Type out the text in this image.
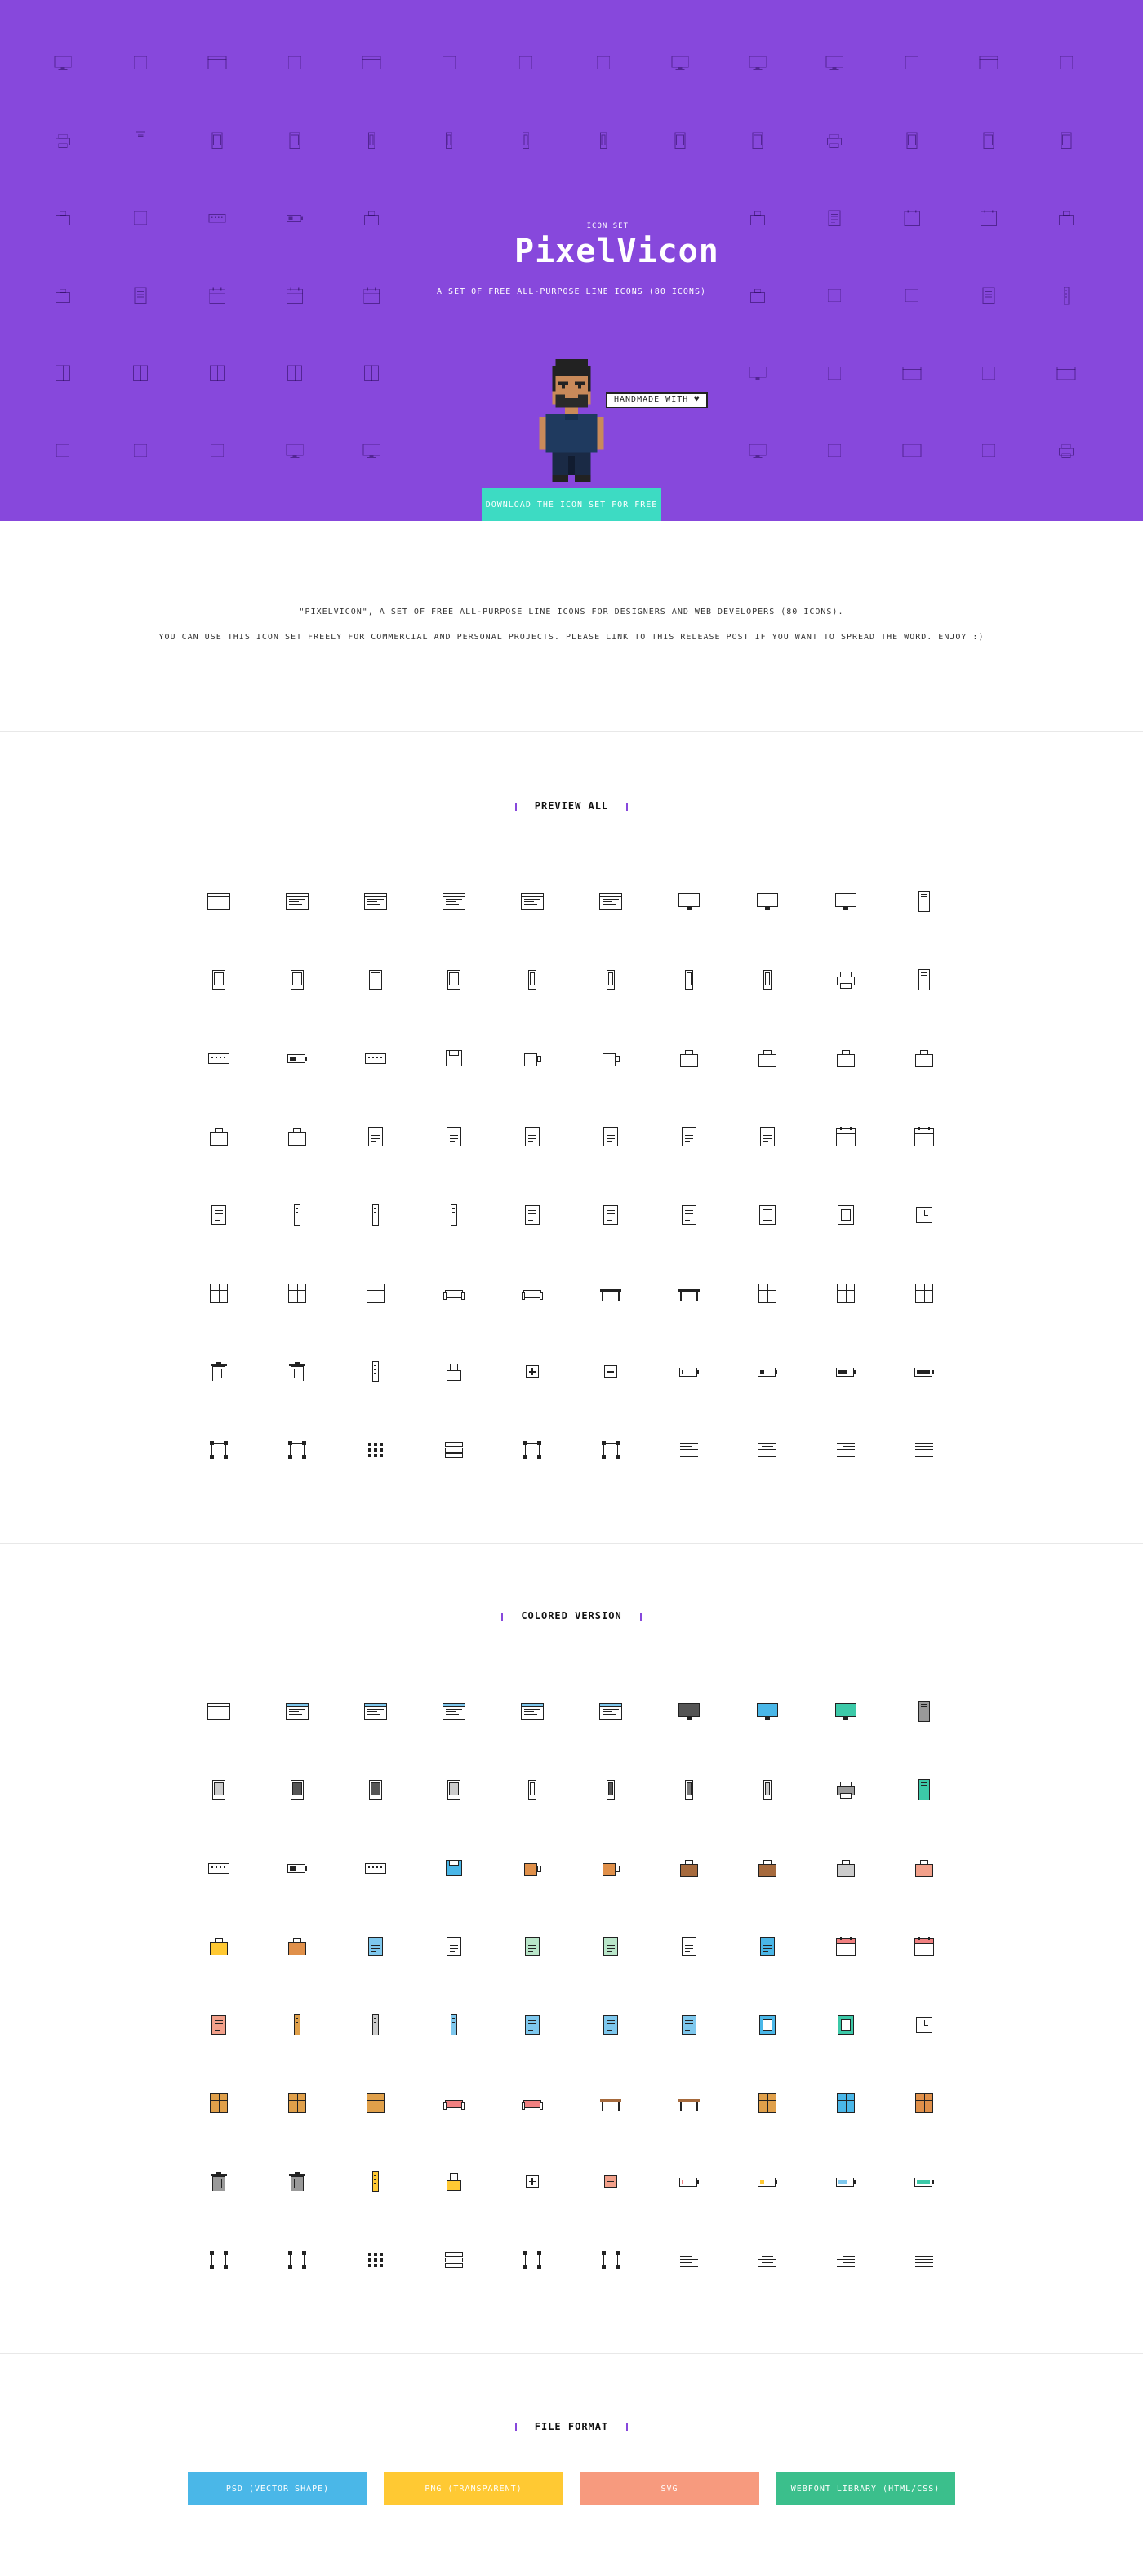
PixelVicon
ICON SET
A SET OF FREE ALL-PURPOSE LINE ICONS (80 ICONS)
HANDMADE WITH ♥
DOWNLOAD THE ICON SET FOR FREE

"PIXELVICON", A SET OF FREE ALL-PURPOSE LINE ICONS FOR DESIGNERS AND WEB DEVELOPERS (80 ICONS).

YOU CAN USE THIS ICON SET FREELY FOR COMMERCIAL AND PERSONAL PROJECTS. PLEASE LINK TO THIS RELEASE POST IF YOU WANT TO SPREAD THE WORD. ENJOY :)

PREVIEW ALL
COLORED VERSION
FILE FORMAT
PSD (VECTOR SHAPE)	PNG (TRANSPARENT)	SVG	WEBFONT LIBRARY (HTML/CSS)
